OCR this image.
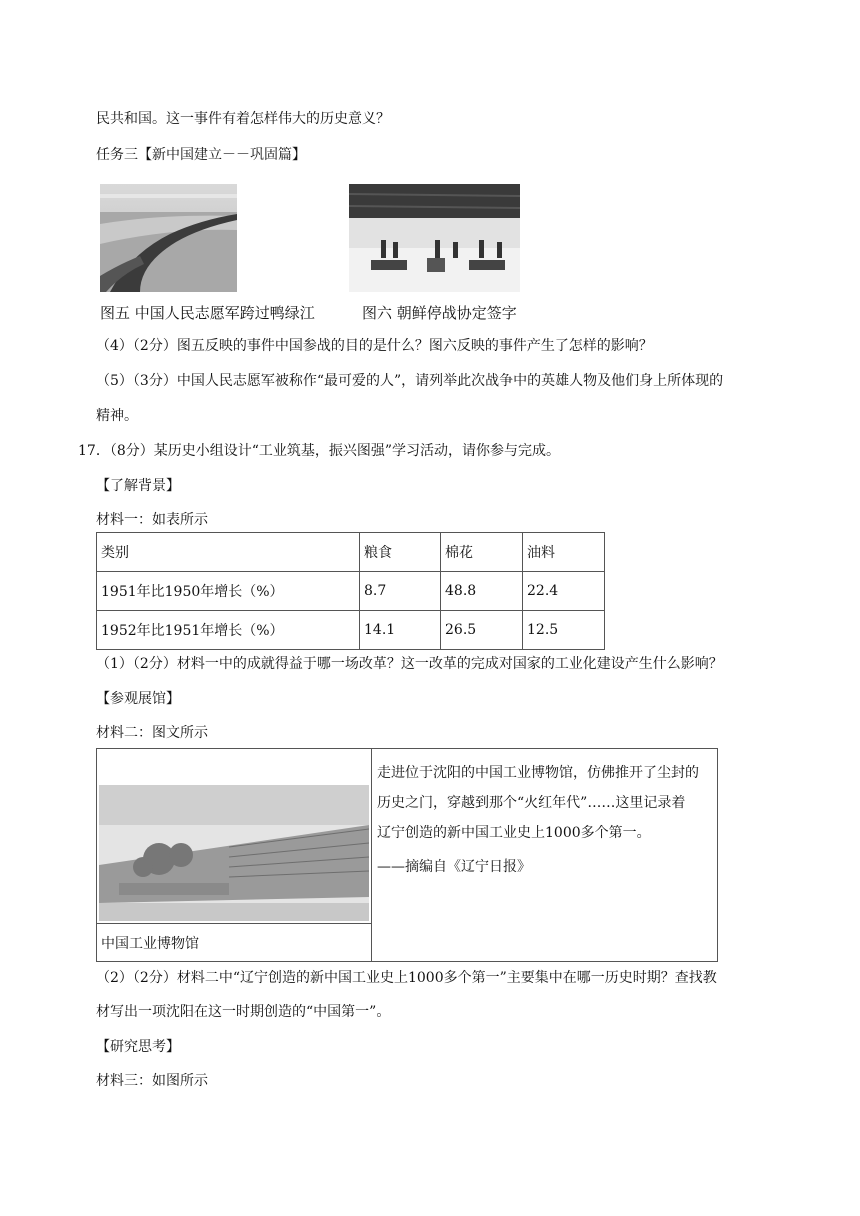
民共和国。这一事件有着怎样伟大的历史意义？
任务三【新中国建立－－巩固篇】
图五 中国人民志愿军跨过鸭绿江	图六 朝鲜停战协定签字
（4）（2分）图五反映的事件中国参战的目的是什么？图六反映的事件产生了怎样的影响？
（5）（3分）中国人民志愿军被称作“最可爱的人”，请列举此次战争中的英雄人物及他们身上所体现的
精神。
17．（8分）某历史小组设计“工业筑基，振兴图强”学习活动，请你参与完成。
【了解背景】
材料一：如表所示
类别	粮食	棉花	油料
1951年比1950年增长（%）	8.7	48.8	22.4
1952年比1951年增长（%）	14.1	26.5	12.5
（1）（2分）材料一中的成就得益于哪一场改革？这一改革的完成对国家的工业化建设产生什么影响？
【参观展馆】
材料二：图文所示
中国工业博物馆
走进位于沈阳的中国工业博物馆，仿佛推开了尘封的
历史之门，穿越到那个“火红年代”……这里记录着
辽宁创造的新中国工业史上1000多个第一。
——摘编自《辽宁日报》
（2）（2分）材料二中“辽宁创造的新中国工业史上1000多个第一”主要集中在哪一历史时期？查找教
材写出一项沈阳在这一时期创造的“中国第一”。
【研究思考】
材料三：如图所示
